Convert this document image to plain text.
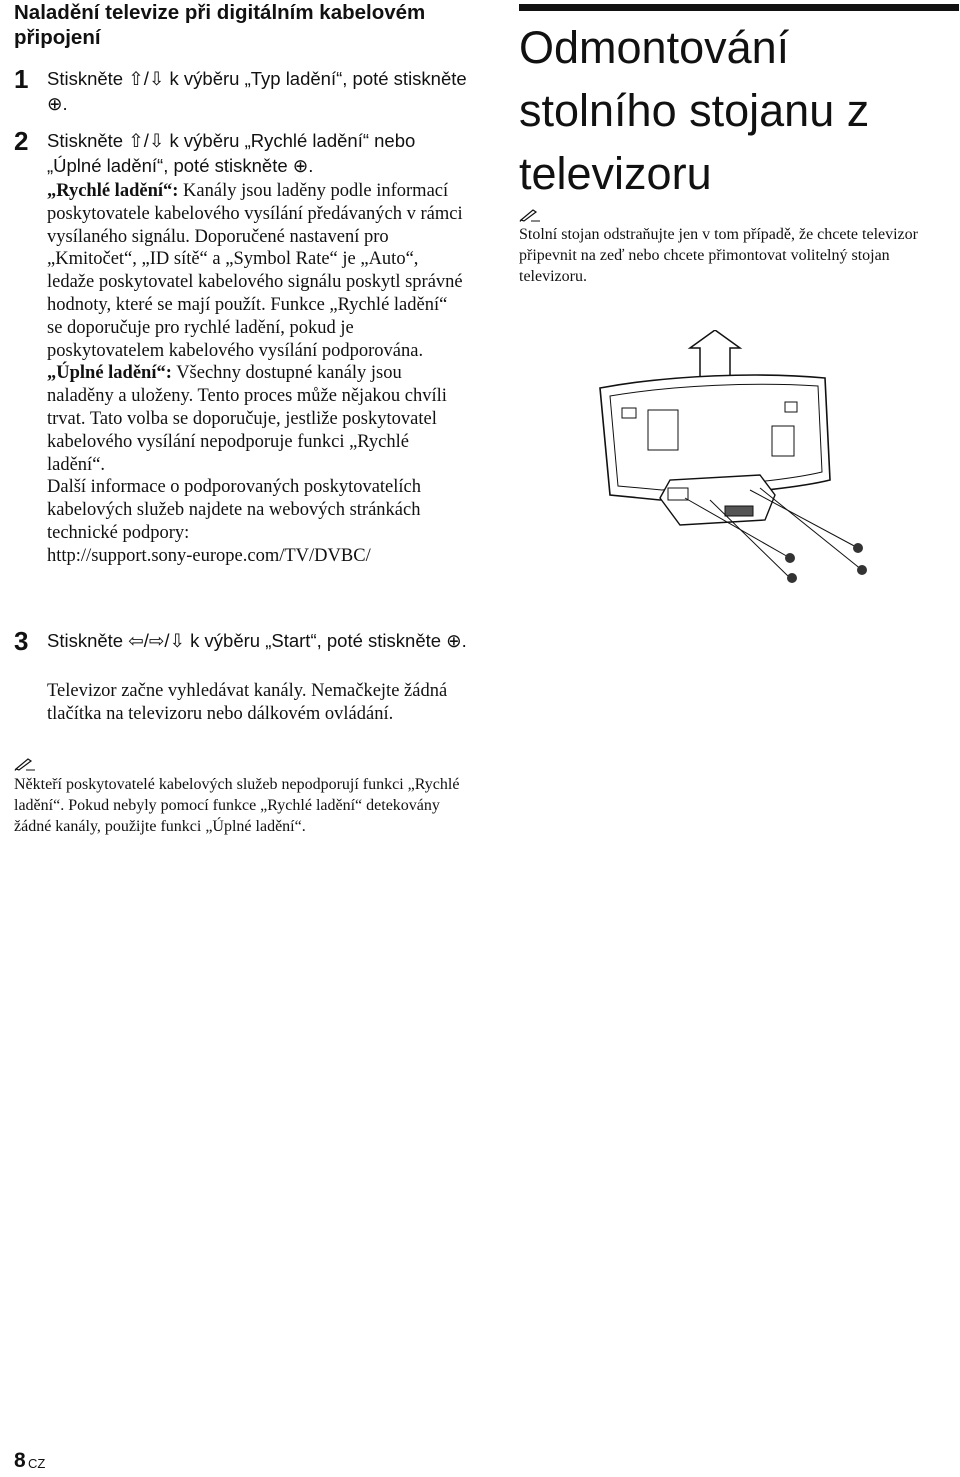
Naladění televize při digitálním kabelovém připojení
1 Stiskněte ⇧/⇩ k výběru „Typ ladění“, poté stiskněte ⊕.
2 Stiskněte ⇧/⇩ k výběru „Rychlé ladění“ nebo „Úplné ladění“, poté stiskněte ⊕.

„Rychlé ladění“: Kanály jsou laděny podle informací poskytovatele kabelového vysílání předávaných v rámci vysílaného signálu. Doporučené nastavení pro „Kmitočet“, „ID sítě“ a „Symbol Rate“ je „Auto“, ledaže poskytovatel kabelového signálu poskytl správné hodnoty, které se mají použít. Funkce „Rychlé ladění“ se doporučuje pro rychlé ladění, pokud je poskytovatelem kabelového vysílání podporována.

„Úplné ladění“: Všechny dostupné kanály jsou naladěny a uloženy. Tento proces může nějakou chvíli trvat. Tato volba se doporučuje, jestliže poskytovatel kabelového vysílání nepodporuje funkci „Rychlé ladění“.

Další informace o podporovaných poskytovatelích kabelových služeb najdete na webových stránkách technické podpory:

http://support.sony-europe.com/TV/DVBC/

3 Stiskněte ⇦/⇨/⇩ k výběru „Start“, poté stiskněte ⊕.

Televizor začne vyhledávat kanály. Nemačkejte žádná tlačítka na televizoru nebo dálkovém ovládání.

Někteří poskytovatelé kabelových služeb nepodporují funkci „Rychlé ladění“. Pokud nebyly pomocí funkce „Rychlé ladění“ detekovány žádné kanály, použijte funkci „Úplné ladění“.
Odmontování stolního stojanu z televizoru
Stolní stojan odstraňujte jen v tom případě, že chcete televizor připevnit na zeď nebo chcete přimontovat volitelný stojan televizoru.
8 CZ
